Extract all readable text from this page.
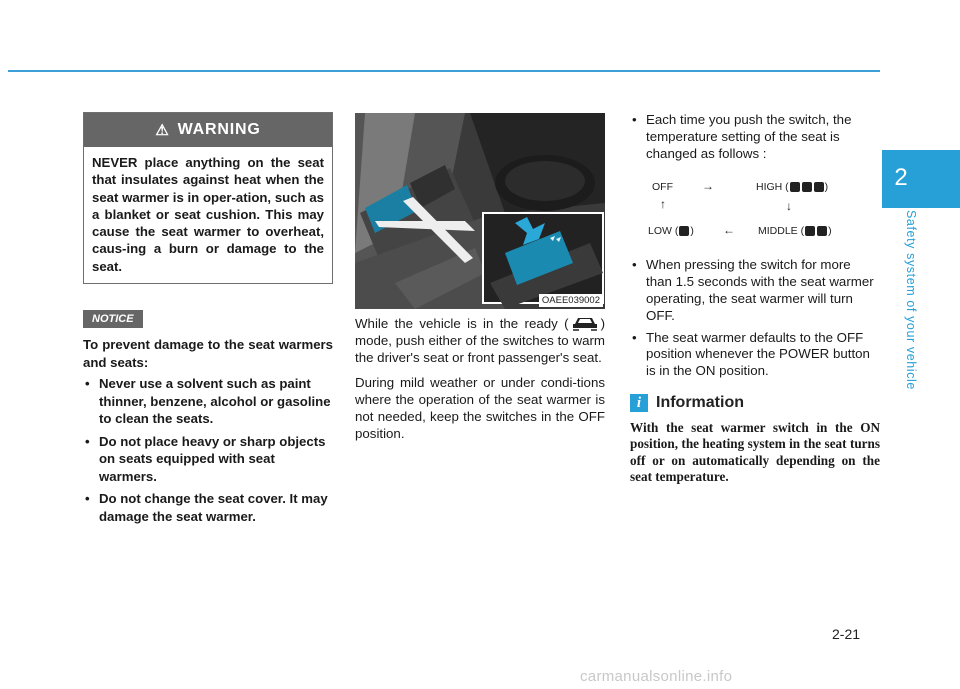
2
Safety system of your vehicle
⚠ WARNING
NEVER place anything on the seat that insulates against heat when the seat warmer is in oper-ation, such as a blanket or seat cushion. This may cause the seat warmer to overheat, caus-ing a burn or damage to the seat.
NOTICE
To prevent damage to the seat warmers and seats:
• Never use a solvent such as paint thinner, benzene, alcohol or gasoline to clean the seats.
• Do not place heavy or sharp objects on seats equipped with seat warmers.
• Do not change the seat cover. It may damage the seat warmer.
OAEE039002

While the vehicle is in the ready ( ) mode, push either of the switches to warm the driver's seat or front passenger's seat.

During mild weather or under condi-tions where the operation of the seat warmer is not needed, keep the switches in the OFF position.

• Each time you push the switch, the temperature setting of the seat is changed as follows :
OFF →	HIGH (	)
↑	↓
LOW ( ) ← MIDDLE ( )
• When pressing the switch for more than 1.5 seconds with the seat warmer operating, the seat warmer will turn OFF.
• The seat warmer defaults to the OFF position whenever the POWER button is in the ON position.
i Information
With the seat warmer switch in the ON position, the heating system in the seat turns off or on automatically depending on the seat temperature.
2-21
carmanualsonline.info
